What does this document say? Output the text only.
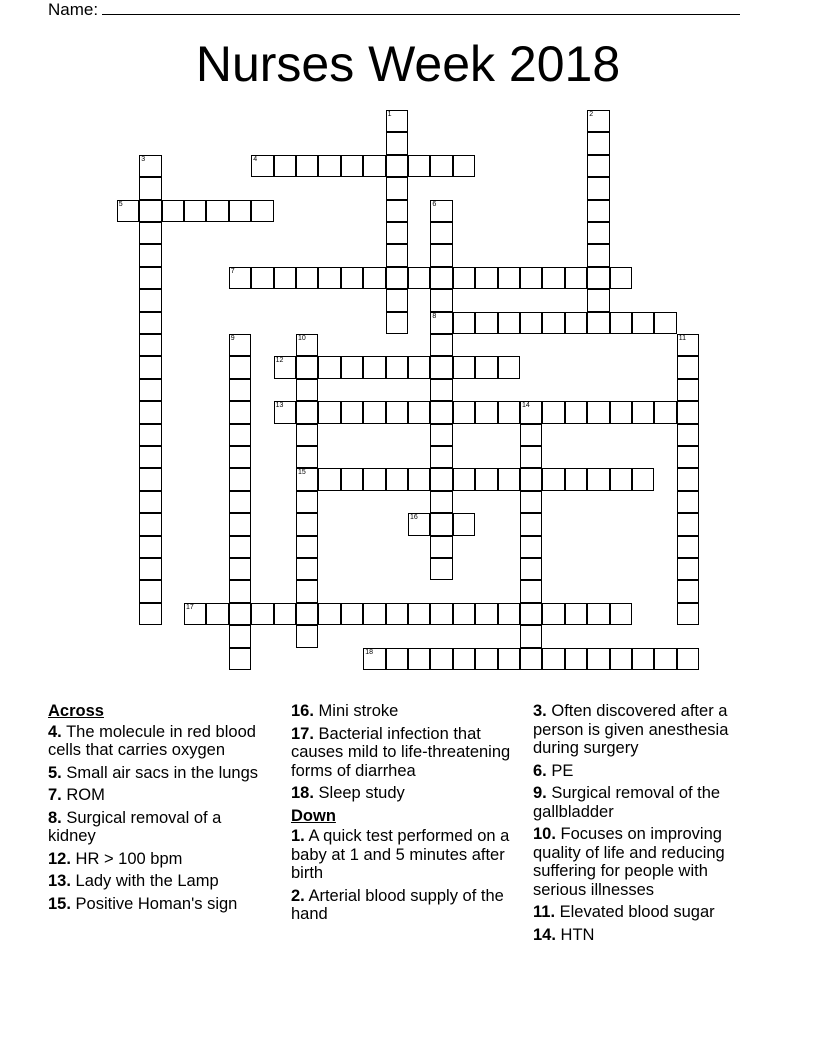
Name:
Nurses Week 2018
4
5
7
8
12
13	14
15
16
17
18
1	2
3
6
9	10	11
Across
4. The molecule in red blood cells that carries oxygen
5. Small air sacs in the lungs
7. ROM
8. Surgical removal of a kidney
12. HR > 100 bpm
13. Lady with the Lamp
15. Positive Homan's sign
16. Mini stroke
17. Bacterial infection that causes mild to life-threatening forms of diarrhea
18. Sleep study
Down
1. A quick test performed on a baby at 1 and 5 minutes after birth
2. Arterial blood supply of the hand
3. Often discovered after a person is given anesthesia during surgery
6. PE
9. Surgical removal of the gallbladder
10. Focuses on improving quality of life and reducing suffering for people with serious illnesses
11. Elevated blood sugar
14. HTN
